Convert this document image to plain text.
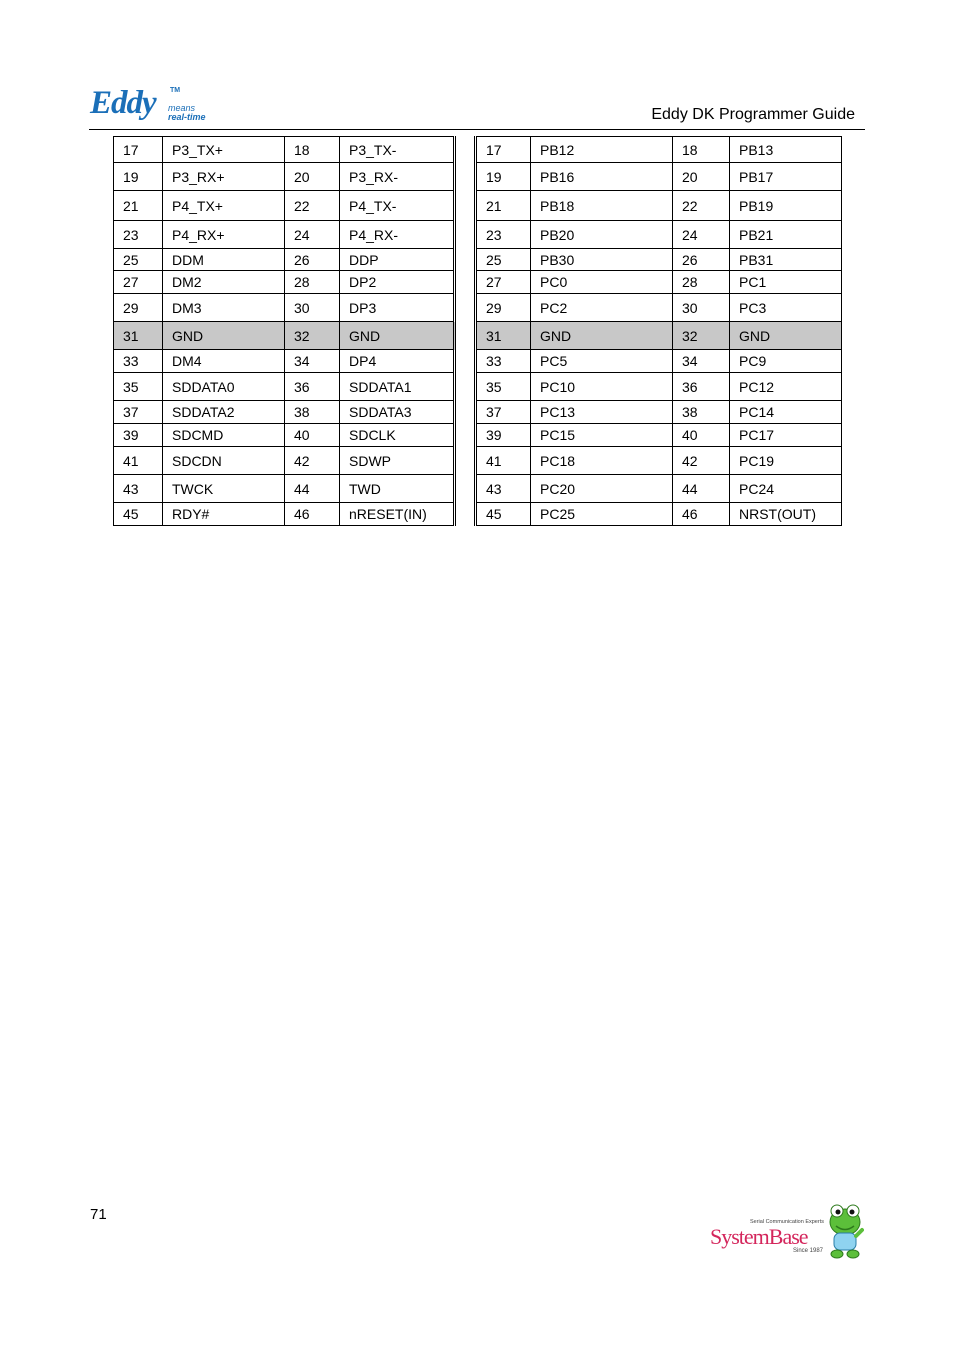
Eddy TM
means
real-time	Eddy DK Programmer Guide
17	P3_TX+	18	P3_TX-
19	P3_RX+	20	P3_RX-
21	P4_TX+	22	P4_TX-
23	P4_RX+	24	P4_RX-
25	DDM	26	DDP
27	DM2	28	DP2
29	DM3	30	DP3
31	GND	32	GND
33	DM4	34	DP4
35	SDDATA0	36	SDDATA1
37	SDDATA2	38	SDDATA3
39	SDCMD	40	SDCLK
41	SDCDN	42	SDWP
43	TWCK	44	TWD
45	RDY#	46	nRESET(IN)
17	PB12	18	PB13
19	PB16	20	PB17
21	PB18	22	PB19
23	PB20	24	PB21
25	PB30	26	PB31
27	PC0	28	PC1
29	PC2	30	PC3
31	GND	32	GND
33	PC5	34	PC9
35	PC10	36	PC12
37	PC13	38	PC14
39	PC15	40	PC17
41	PC18	42	PC19
43	PC20	44	PC24
45	PC25	46	NRST(OUT)
71	Serial Communication Experts
SystemBase
Since 1987
